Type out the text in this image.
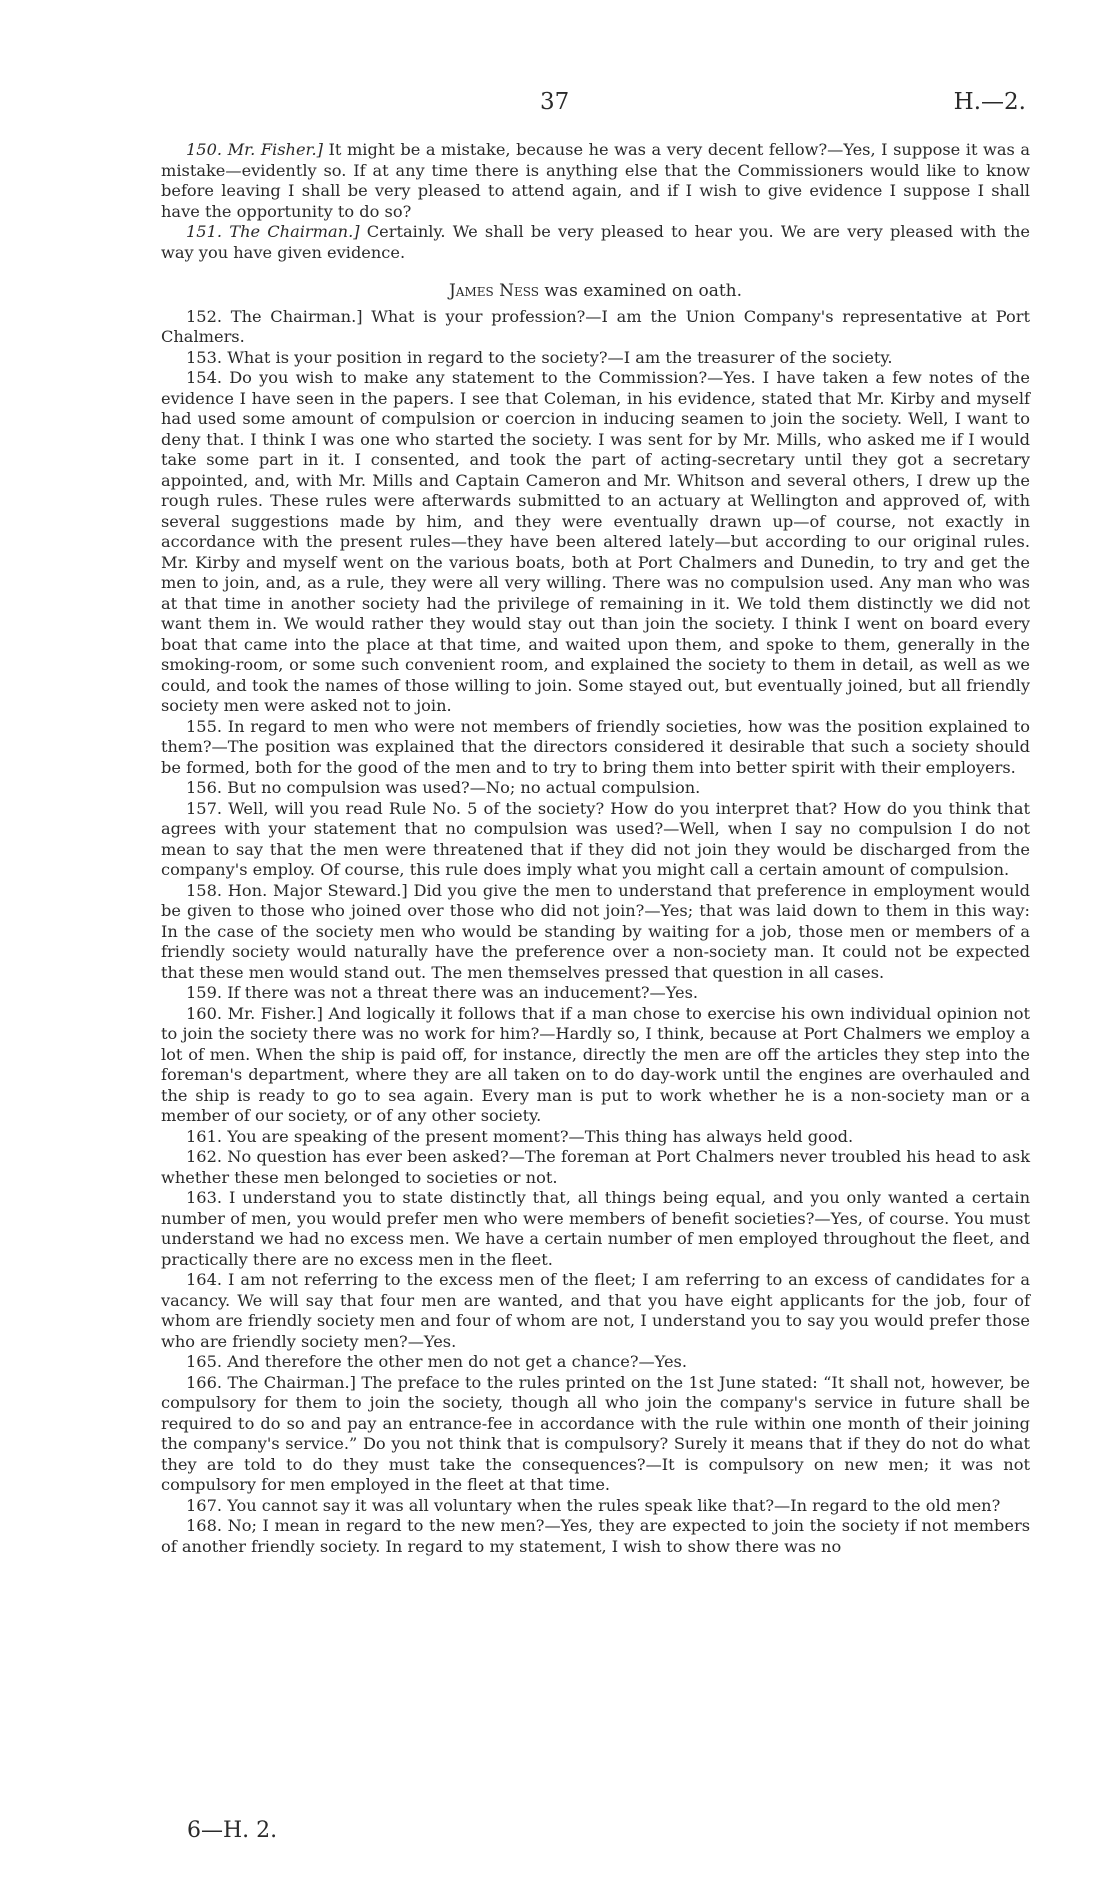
37	H.—2.

150. Mr. Fisher.] It might be a mistake, because he was a very decent fellow?—Yes, I suppose it was a mistake—evidently so. If at any time there is anything else that the Commissioners would like to know before leaving I shall be very pleased to attend again, and if I wish to give evidence I suppose I shall have the opportunity to do so?

151. The Chairman.] Certainly. We shall be very pleased to hear you. We are very pleased with the way you have given evidence.

James Ness was examined on oath.

152. The Chairman.] What is your profession?—I am the Union Company's representative at Port Chalmers.

153. What is your position in regard to the society?—I am the treasurer of the society.

154. Do you wish to make any statement to the Commission?—Yes. I have taken a few notes of the evidence I have seen in the papers. I see that Coleman, in his evidence, stated that Mr. Kirby and myself had used some amount of compulsion or coercion in inducing seamen to join the society. Well, I want to deny that. I think I was one who started the society. I was sent for by Mr. Mills, who asked me if I would take some part in it. I consented, and took the part of acting-secretary until they got a secretary appointed, and, with Mr. Mills and Captain Cameron and Mr. Whitson and several others, I drew up the rough rules. These rules were afterwards submitted to an actuary at Wellington and approved of, with several suggestions made by him, and they were eventually drawn up—of course, not exactly in accordance with the present rules—they have been altered lately—but according to our original rules. Mr. Kirby and myself went on the various boats, both at Port Chalmers and Dunedin, to try and get the men to join, and, as a rule, they were all very willing. There was no compulsion used. Any man who was at that time in another society had the privilege of remaining in it. We told them distinctly we did not want them in. We would rather they would stay out than join the society. I think I went on board every boat that came into the place at that time, and waited upon them, and spoke to them, generally in the smoking-room, or some such convenient room, and explained the society to them in detail, as well as we could, and took the names of those willing to join. Some stayed out, but eventually joined, but all friendly society men were asked not to join.

155. In regard to men who were not members of friendly societies, how was the position explained to them?—The position was explained that the directors considered it desirable that such a society should be formed, both for the good of the men and to try to bring them into better spirit with their employers.

156. But no compulsion was used?—No; no actual compulsion.

157. Well, will you read Rule No. 5 of the society? How do you interpret that? How do you think that agrees with your statement that no compulsion was used?—Well, when I say no compulsion I do not mean to say that the men were threatened that if they did not join they would be discharged from the company's employ. Of course, this rule does imply what you might call a certain amount of compulsion.

158. Hon. Major Steward.] Did you give the men to understand that preference in employment would be given to those who joined over those who did not join?—Yes; that was laid down to them in this way: In the case of the society men who would be standing by waiting for a job, those men or members of a friendly society would naturally have the preference over a non-society man. It could not be expected that these men would stand out. The men themselves pressed that question in all cases.

159. If there was not a threat there was an inducement?—Yes.

160. Mr. Fisher.] And logically it follows that if a man chose to exercise his own individual opinion not to join the society there was no work for him?—Hardly so, I think, because at Port Chalmers we employ a lot of men. When the ship is paid off, for instance, directly the men are off the articles they step into the foreman's department, where they are all taken on to do day-work until the engines are overhauled and the ship is ready to go to sea again. Every man is put to work whether he is a non-society man or a member of our society, or of any other society.

161. You are speaking of the present moment?—This thing has always held good.

162. No question has ever been asked?—The foreman at Port Chalmers never troubled his head to ask whether these men belonged to societies or not.

163. I understand you to state distinctly that, all things being equal, and you only wanted a certain number of men, you would prefer men who were members of benefit societies?—Yes, of course. You must understand we had no excess men. We have a certain number of men employed throughout the fleet, and practically there are no excess men in the fleet.

164. I am not referring to the excess men of the fleet; I am referring to an excess of candidates for a vacancy. We will say that four men are wanted, and that you have eight applicants for the job, four of whom are friendly society men and four of whom are not, I understand you to say you would prefer those who are friendly society men?—Yes.

165. And therefore the other men do not get a chance?—Yes.

166. The Chairman.] The preface to the rules printed on the 1st June stated: “It shall not, however, be compulsory for them to join the society, though all who join the company's service in future shall be required to do so and pay an entrance-fee in accordance with the rule within one month of their joining the company's service.” Do you not think that is compulsory? Surely it means that if they do not do what they are told to do they must take the consequences?—It is compulsory on new men; it was not compulsory for men employed in the fleet at that time.

167. You cannot say it was all voluntary when the rules speak like that?—In regard to the old men?

168. No; I mean in regard to the new men?—Yes, they are expected to join the society if not members of another friendly society. In regard to my statement, I wish to show there was no

6—H. 2.
